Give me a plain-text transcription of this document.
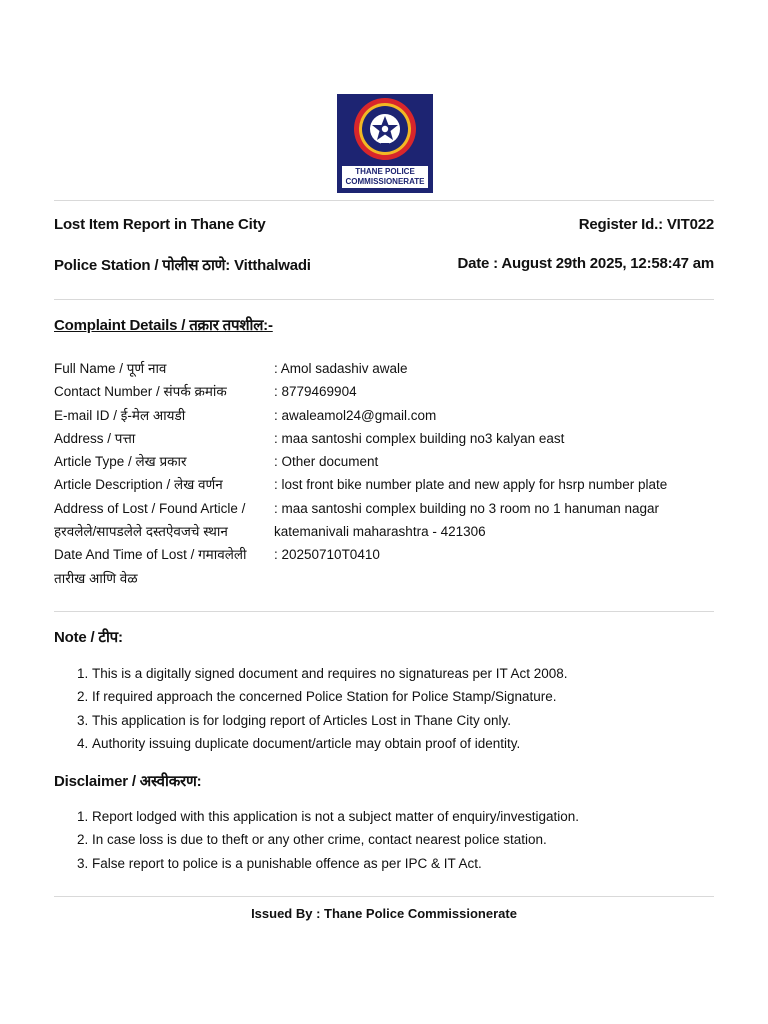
THANE POLICE
COMMISSIONERATE
Lost Item Report in Thane City	Register Id.: VIT022
Police Station / पोलीस ठाणे: Vitthalwadi	Date : August 29th 2025, 12:58:47 am
Complaint Details / तक्रार तपशील:-
Full Name / पूर्ण नाव	: Amol sadashiv awale
Contact Number / संपर्क क्रमांक	: 8779469904
E-mail ID / ई-मेल आयडी	: awaleamol24@gmail.com
Address / पत्ता	: maa santoshi complex building no3 kalyan east
Article Type / लेख प्रकार	: Other document
Article Description / लेख वर्णन	: lost front bike number plate and new apply for hsrp number plate
Address of Lost / Found Article / हरवलेले/सापडलेले दस्तऐवजचे स्थान
: maa santoshi complex building no 3 room no 1 hanuman nagar katemanivali maharashtra - 421306
Date And Time of Lost / गमावलेली तारीख आणि वेळ
: 20250710T0410
Note / टीप:
1. This is a digitally signed document and requires no signatureas per IT Act 2008.
2. If required approach the concerned Police Station for Police Stamp/Signature.
3. This application is for lodging report of Articles Lost in Thane City only.
4. Authority issuing duplicate document/article may obtain proof of identity.
Disclaimer / अस्वीकरण:
1. Report lodged with this application is not a subject matter of enquiry/investigation.
2. In case loss is due to theft or any other crime, contact nearest police station.
3. False report to police is a punishable offence as per IPC & IT Act.
Issued By : Thane Police Commissionerate
